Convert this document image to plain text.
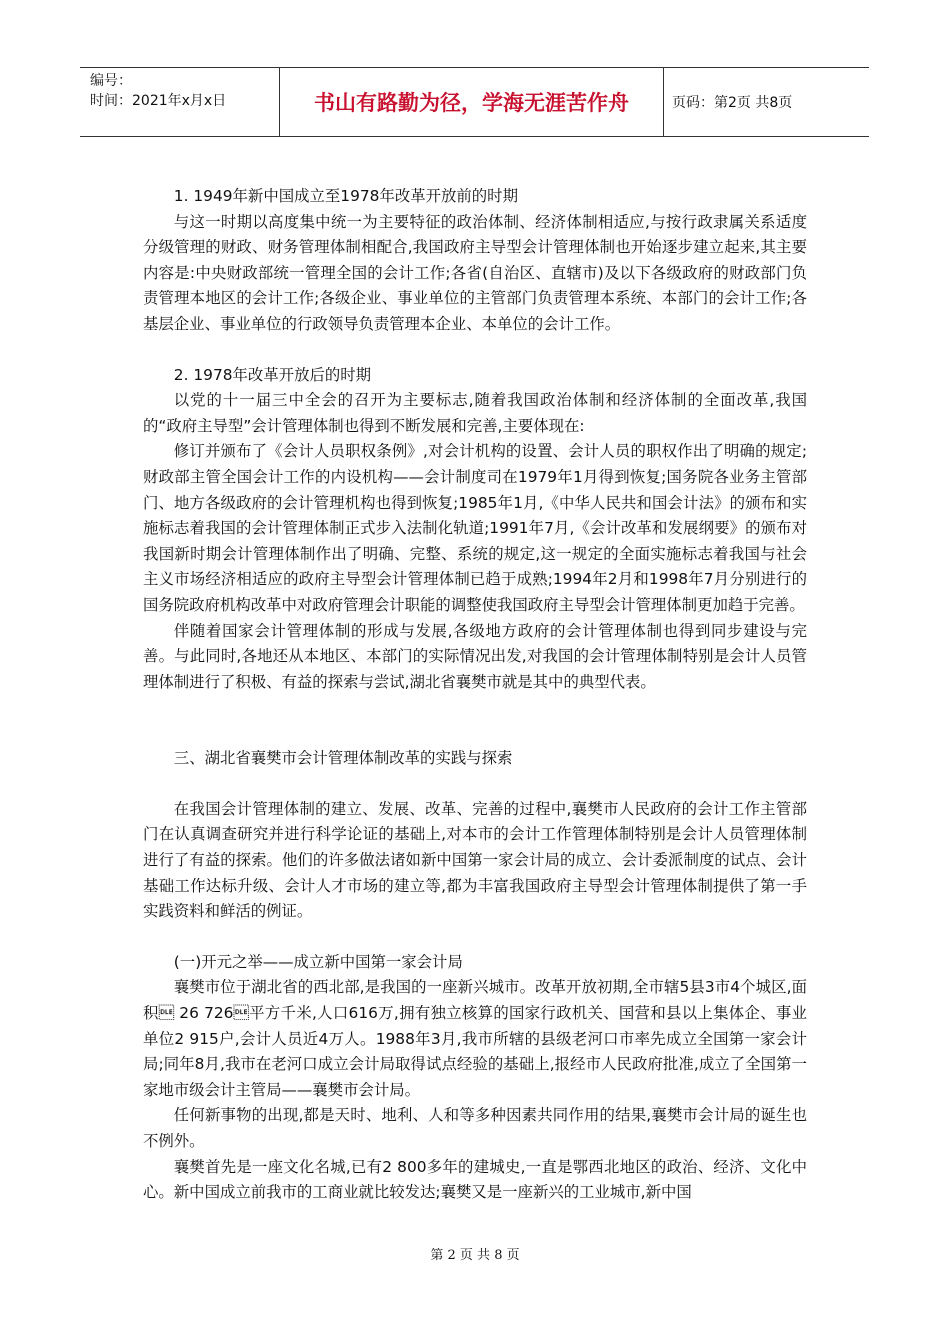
编号：
时间：2021年x月x日	书山有路勤为径，学海无涯苦作舟	页码：第2页 共8页

1. 1949年新中国成立至1978年改革开放前的时期

与这一时期以高度集中统一为主要特征的政治体制、经济体制相适应,与按行政隶属关系适度分级管理的财政、财务管理体制相配合,我国政府主导型会计管理体制也开始逐步建立起来,其主要内容是:中央财政部统一管理全国的会计工作;各省(自治区、直辖市)及以下各级政府的财政部门负责管理本地区的会计工作;各级企业、事业单位的主管部门负责管理本系统、本部门的会计工作;各基层企业、事业单位的行政领导负责管理本企业、本单位的会计工作。

2. 1978年改革开放后的时期

以党的十一届三中全会的召开为主要标志,随着我国政治体制和经济体制的全面改革,我国的“政府主导型”会计管理体制也得到不断发展和完善,主要体现在:

修订并颁布了《会计人员职权条例》,对会计机构的设置、会计人员的职权作出了明确的规定;财政部主管全国会计工作的内设机构——会计制度司在1979年1月得到恢复;国务院各业务主管部门、地方各级政府的会计管理机构也得到恢复;1985年1月,《中华人民共和国会计法》的颁布和实施标志着我国的会计管理体制正式步入法制化轨道;1991年7月,《会计改革和发展纲要》的颁布对我国新时期会计管理体制作出了明确、完整、系统的规定,这一规定的全面实施标志着我国与社会主义市场经济相适应的政府主导型会计管理体制已趋于成熟;1994年2月和1998年7月分别进行的国务院政府机构改革中对政府管理会计职能的调整使我国政府主导型会计管理体制更加趋于完善。

伴随着国家会计管理体制的形成与发展,各级地方政府的会计管理体制也得到同步建设与完善。与此同时,各地还从本地区、本部门的实际情况出发,对我国的会计管理体制特别是会计人员管理体制进行了积极、有益的探索与尝试,湖北省襄樊市就是其中的典型代表。

三、湖北省襄樊市会计管理体制改革的实践与探索

在我国会计管理体制的建立、发展、改革、完善的过程中,襄樊市人民政府的会计工作主管部门在认真调查研究并进行科学论证的基础上,对本市的会计工作管理体制特别是会计人员管理体制进行了有益的探索。他们的许多做法诸如新中国第一家会计局的成立、会计委派制度的试点、会计基础工作达标升级、会计人才市场的建立等,都为丰富我国政府主导型会计管理体制提供了第一手实践资料和鲜活的例证。

(一)开元之举——成立新中国第一家会计局

襄樊市位于湖北省的西北部,是我国的一座新兴城市。改革开放初期,全市辖5县3市4个城区,面积 26 726平方千米,人口616万,拥有独立核算的国家行政机关、国营和县以上集体企、事业单位2 915户,会计人员近4万人。1988年3月,我市所辖的县级老河口市率先成立全国第一家会计局;同年8月,我市在老河口成立会计局取得试点经验的基础上,报经市人民政府批准,成立了全国第一家地市级会计主管局——襄樊市会计局。

任何新事物的出现,都是天时、地利、人和等多种因素共同作用的结果,襄樊市会计局的诞生也不例外。

襄樊首先是一座文化名城,已有2 800多年的建城史,一直是鄂西北地区的政治、经济、文化中心。新中国成立前我市的工商业就比较发达;襄樊又是一座新兴的工业城市,新中国

第 2 页 共 8 页
